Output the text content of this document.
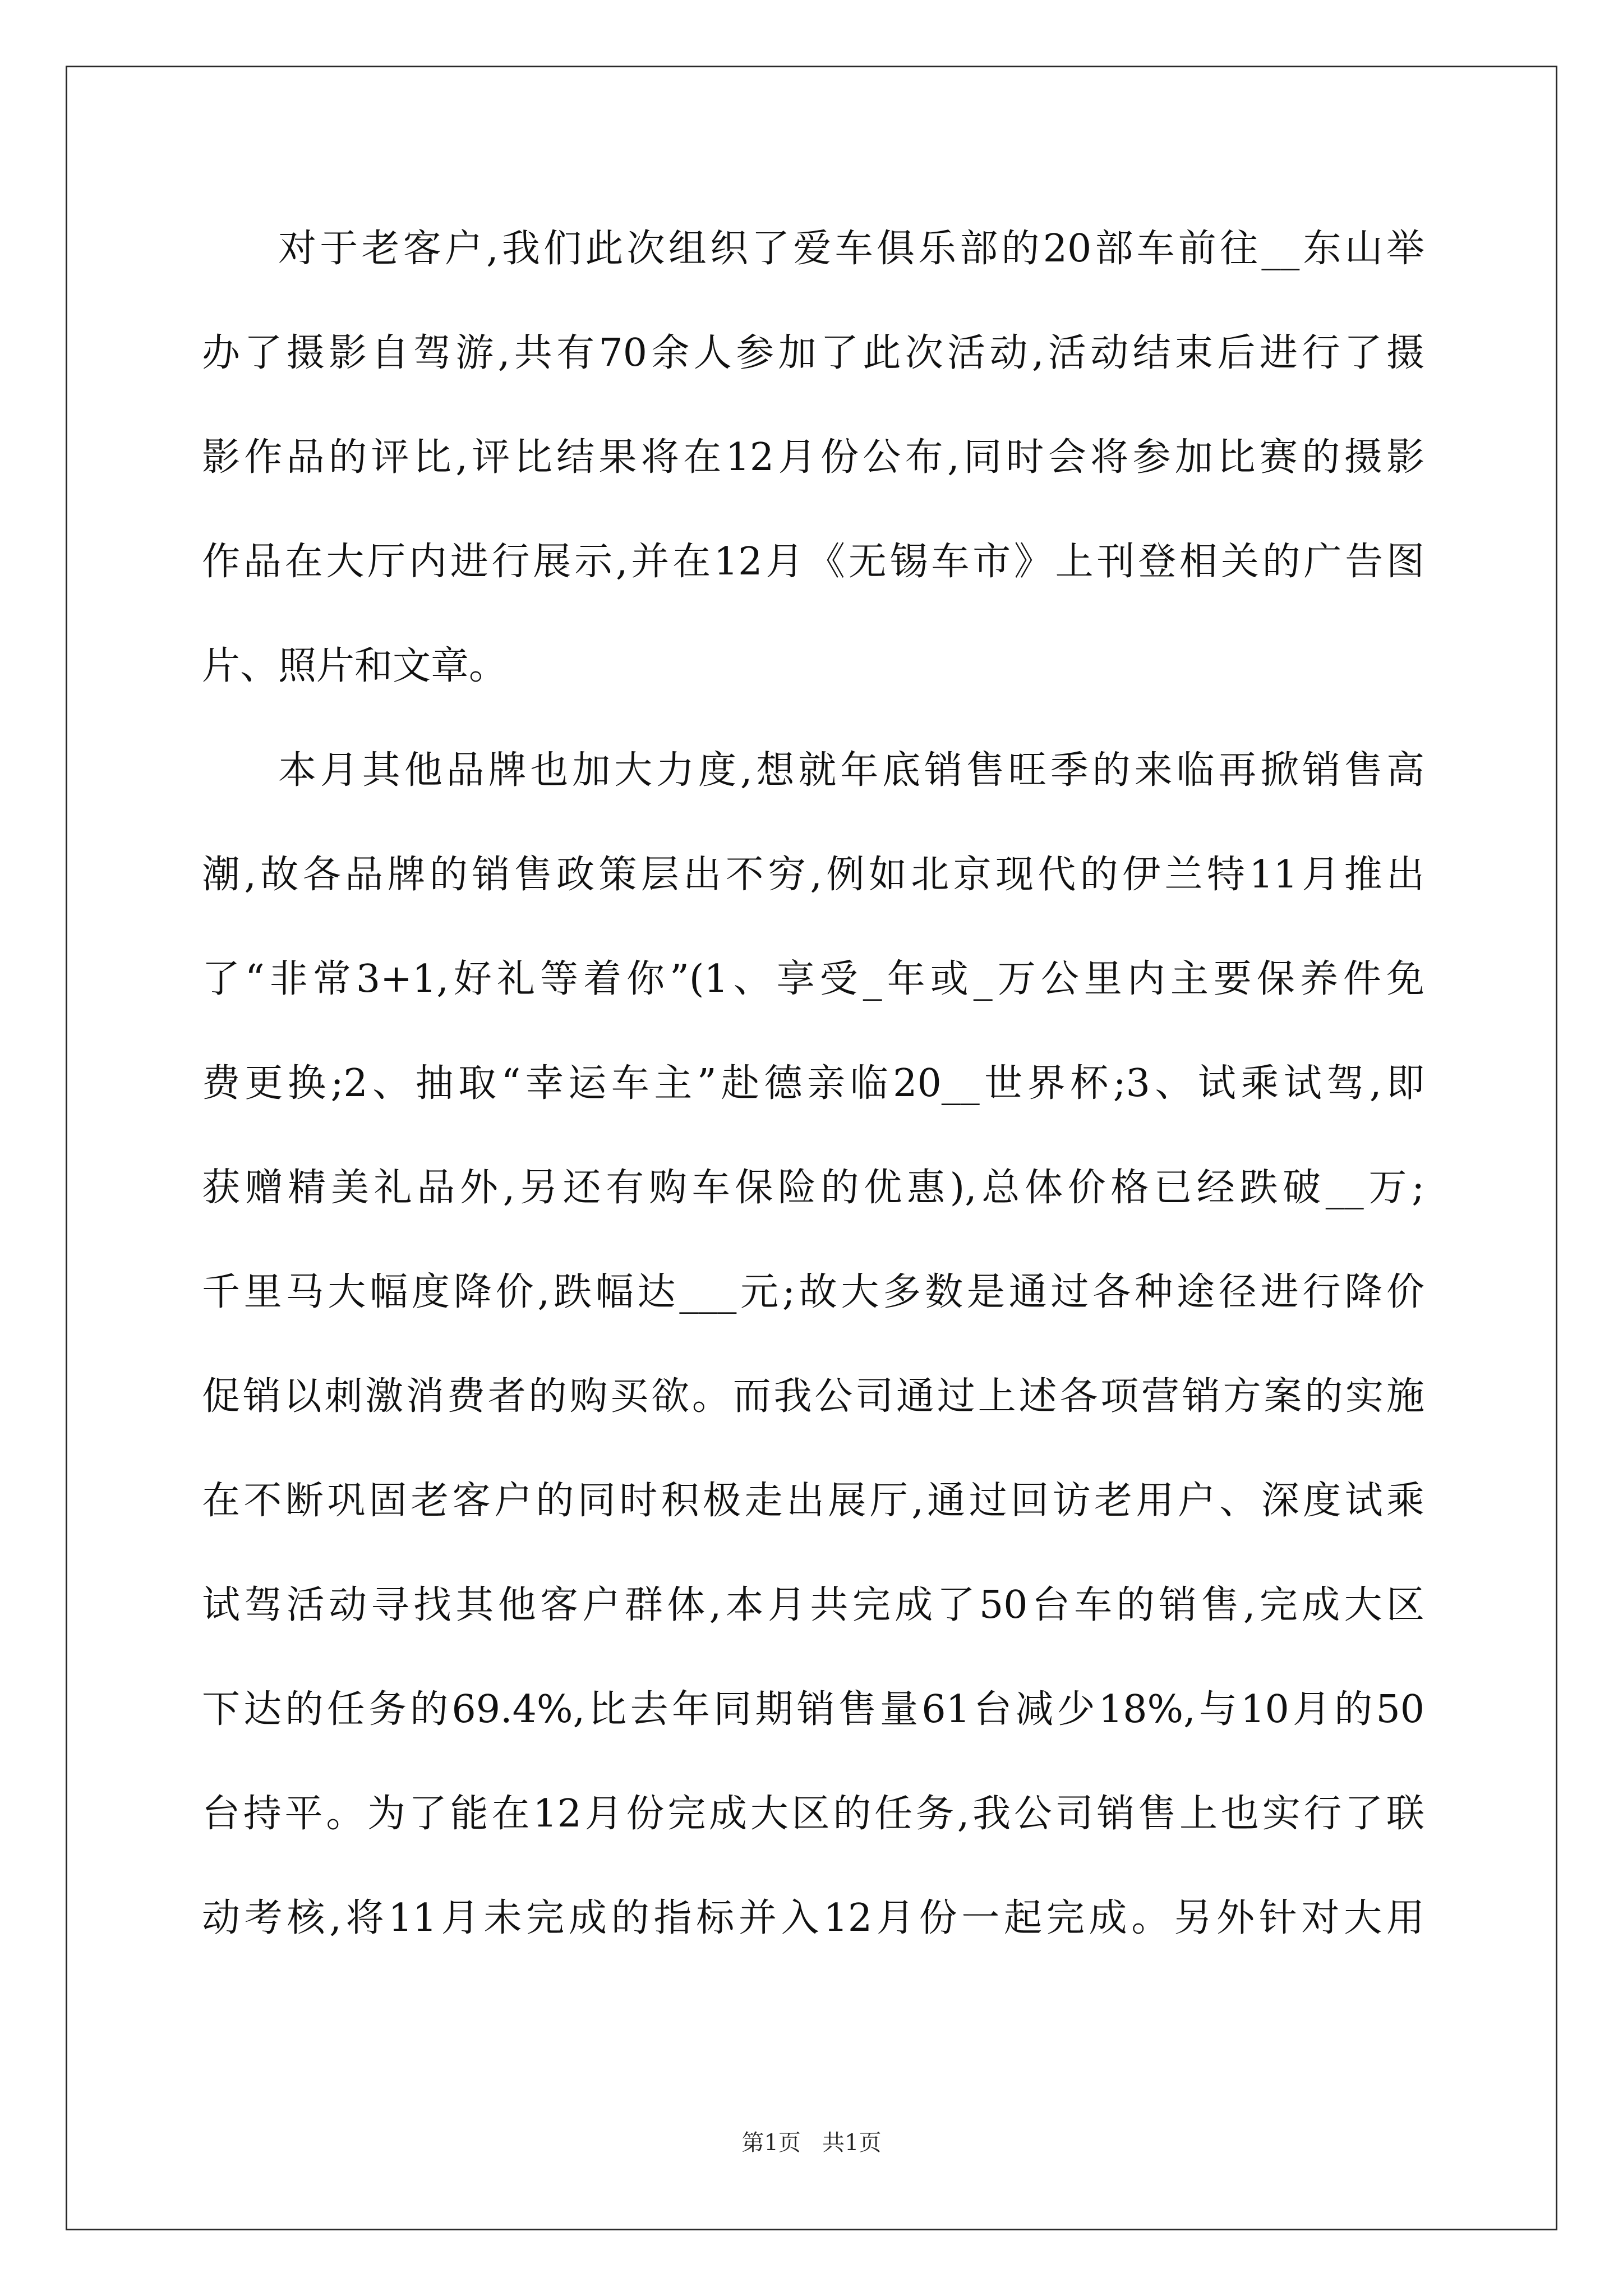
对于老客户,我们此次组织了爱车俱乐部的20部车前往__东山举
办了摄影自驾游,共有70余人参加了此次活动,活动结束后进行了摄
影作品的评比,评比结果将在12月份公布,同时会将参加比赛的摄影
作品在大厅内进行展示,并在12月《无锡车市》上刊登相关的广告图
片、照片和文章。
本月其他品牌也加大力度,想就年底销售旺季的来临再掀销售高
潮,故各品牌的销售政策层出不穷,例如北京现代的伊兰特11月推出
了“非常3+1,好礼等着你”(1、享受_年或_万公里内主要保养件免
费更换;2、抽取“幸运车主”赴德亲临20__世界杯;3、试乘试驾,即
获赠精美礼品外,另还有购车保险的优惠),总体价格已经跌破__万;
千里马大幅度降价,跌幅达___元;故大多数是通过各种途径进行降价
促销以刺激消费者的购买欲。而我公司通过上述各项营销方案的实施
在不断巩固老客户的同时积极走出展厅,通过回访老用户、深度试乘
试驾活动寻找其他客户群体,本月共完成了50台车的销售,完成大区
下达的任务的69.4%,比去年同期销售量61台减少18%,与10月的50
台持平。为了能在12月份完成大区的任务,我公司销售上也实行了联
动考核,将11月未完成的指标并入12月份一起完成。另外针对大用
第1页   共1页
